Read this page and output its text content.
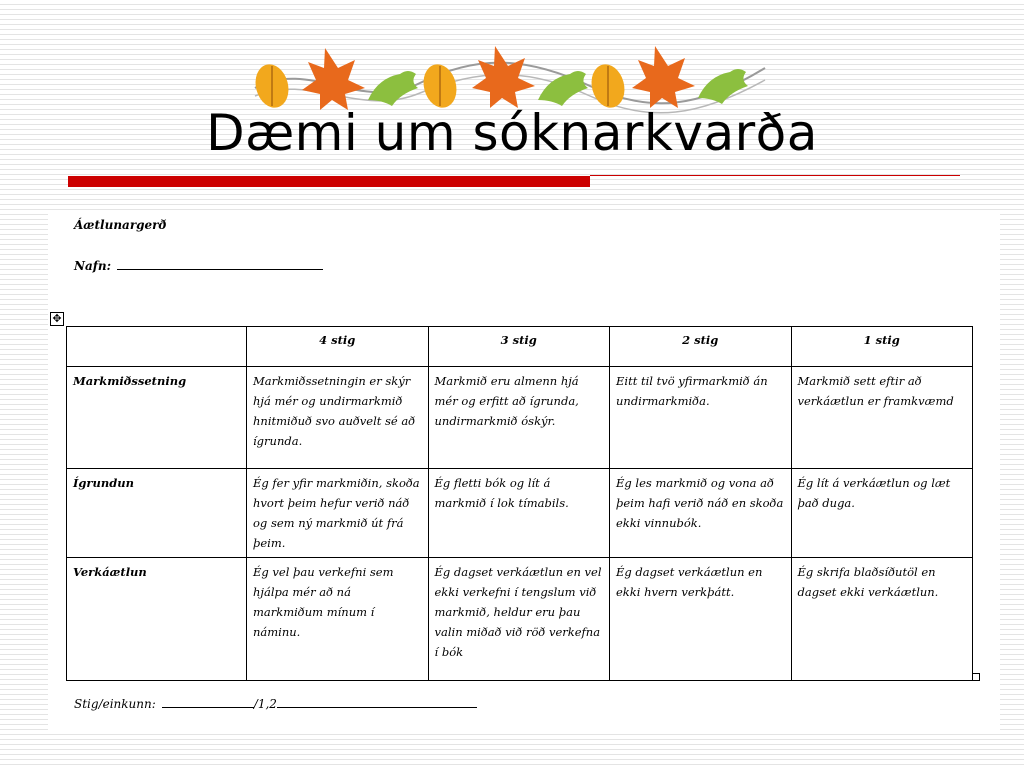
Dæmi um sóknarkvarða
Áætlunargerð
Nafn:
✥
	4 stig	3 stig	2 stig	1 stig
Markmiðssetning	Markmiðssetningin er skýr hjá mér og undirmarkmið hnitmiðuð svo auðvelt sé að ígrunda.	Markmið eru almenn hjá mér og erfitt að ígrunda, undirmarkmið óskýr.	Eitt til tvö yfirmarkmið án undirmarkmiða.	Markmið sett eftir að verkáætlun er framkvæmd
Ígrundun	Ég fer yfir markmiðin, skoða hvort þeim hefur verið náð og sem ný markmið út frá þeim.	Ég fletti bók og lít á markmið í lok tímabils.	Ég les markmið og vona að þeim hafi verið náð en skoða ekki vinnubók.	Ég lít á verkáætlun og læt það duga.
Verkáætlun	Ég vel þau verkefni sem hjálpa mér að ná markmiðum mínum í náminu.	Ég dagset verkáætlun en vel ekki verkefni í tengslum við markmið, heldur eru þau valin miðað við röð verkefna í bók	Ég dagset verkáætlun en ekki hvern verkþátt.	Ég skrifa blaðsíðutöl en dagset ekki verkáætlun.
Stig/einkunn:	/1,2
